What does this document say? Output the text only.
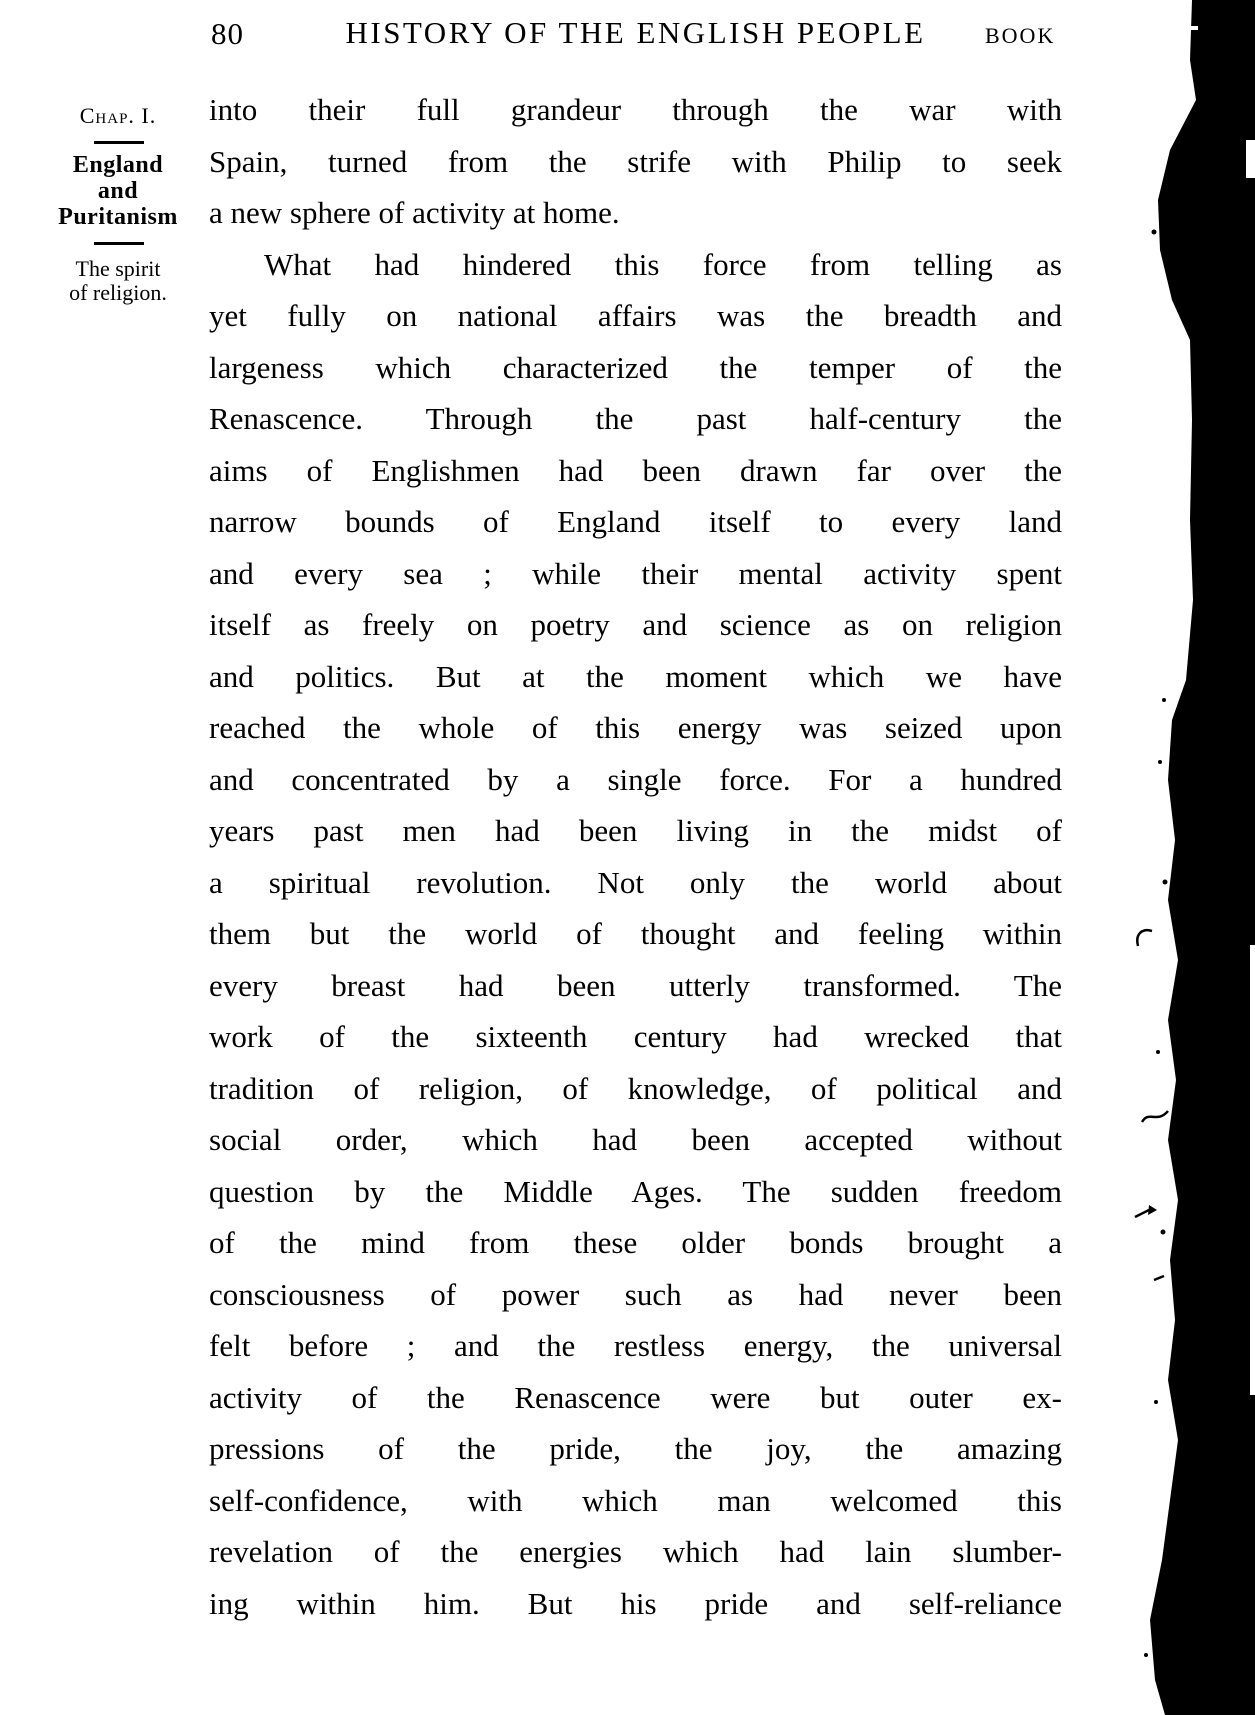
80	HISTORY OF THE ENGLISH PEOPLE	BOOK
Chap. I.
England
and
Puritanism
The spirit
of religion.
into their full grandeur through the war with
Spain, turned from the strife with Philip to seek
a new sphere of activity at home.
What had hindered this force from telling as
yet fully on national affairs was the breadth and
largeness which characterized the temper of the
Renascence. Through the past half-century the
aims of Englishmen had been drawn far over the
narrow bounds of England itself to every land
and every sea ; while their mental activity spent
itself as freely on poetry and science as on religion
and politics. But at the moment which we have
reached the whole of this energy was seized upon
and concentrated by a single force. For a hundred
years past men had been living in the midst of
a spiritual revolution. Not only the world about
them but the world of thought and feeling within
every breast had been utterly transformed. The
work of the sixteenth century had wrecked that
tradition of religion, of knowledge, of political and
social order, which had been accepted without
question by the Middle Ages. The sudden freedom
of the mind from these older bonds brought a
consciousness of power such as had never been
felt before ; and the restless energy, the universal
activity of the Renascence were but outer ex-
pressions of the pride, the joy, the amazing
self-confidence, with which man welcomed this
revelation of the energies which had lain slumber-
ing within him. But his pride and self-reliance
